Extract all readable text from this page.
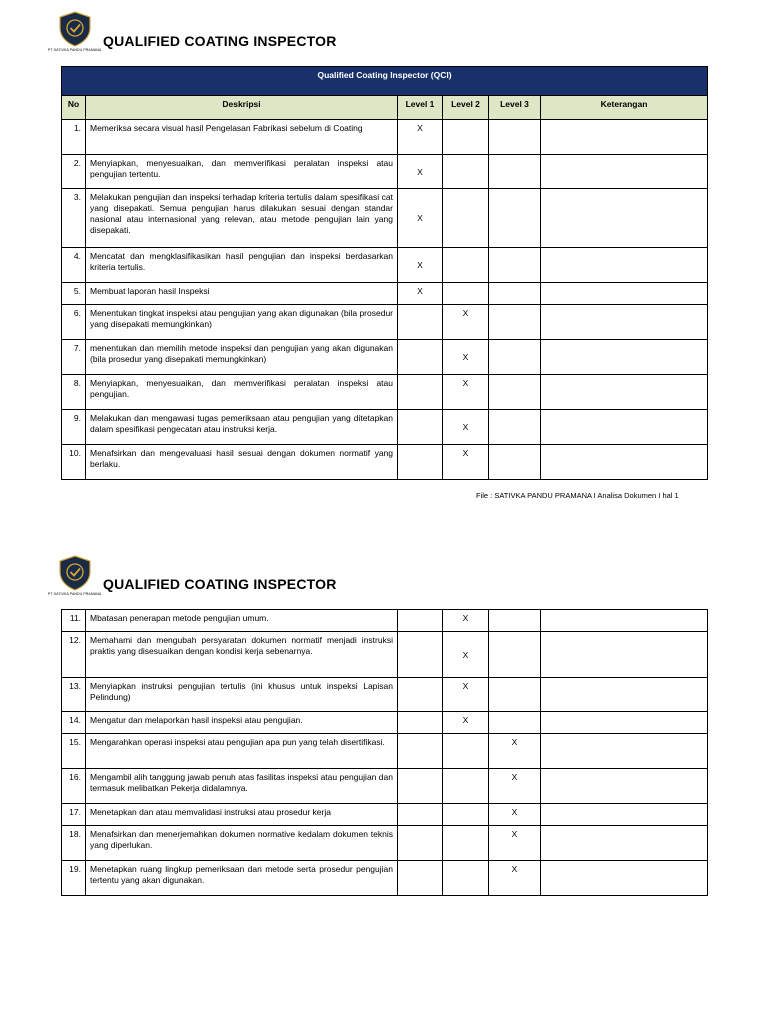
PT SATIVKA PANDU PRAMANA
QUALIFIED COATING INSPECTOR
Qualified Coating Inspector (QCI)					
No	Deskripsi	Level 1	Level 2	Level 3	Keterangan
1.	Memeriksa secara visual hasil Pengelasan Fabrikasi sebelum di Coating	X			
2.	Menyiapkan, menyesuaikan, dan memverifikasi peralatan inspeksi atau pengujian tertentu.	X			
3.	Melakukan pengujian dan inspeksi terhadap kriteria tertulis dalam spesifikasi cat yang disepakati. Semua pengujian harus dilakukan sesuai dengan standar nasional atau internasional yang relevan, atau metode pengujian lain yang disepakati.	X			
4.	Mencatat dan mengklasifikasikan hasil pengujian dan inspeksi berdasarkan kriteria tertulis.	X			
5.	Membuat laporan hasil Inspeksi	X			
6.	Menentukan tingkat inspeksi atau pengujian yang akan digunakan (bila prosedur yang disepakati memungkinkan)		X		
7.	menentukan dan memilih metode inspeksi dan pengujian yang akan digunakan (bila prosedur yang disepakati memungkinkan)		X		
8.	Menyiapkan, menyesuaikan, dan memverifikasi peralatan inspeksi atau pengujian.		X		
9.	Melakukan dan mengawasi tugas pemeriksaan atau pengujian yang ditetapkan dalam spesifikasi pengecatan atau instruksi kerja.		X		
10.	Menafsirkan dan mengevaluasi hasil sesuai dengan dokumen normatif yang berlaku.		X		
File : SATIVKA PANDU PRAMANA I Analisa Dokumen I hal 1
PT SATIVKA PANDU PRAMANA
QUALIFIED COATING INSPECTOR
11.	Mbatasan penerapan metode pengujian umum.		X		
12.	Memahami dan mengubah persyaratan dokumen normatif menjadi instruksi praktis yang disesuaikan dengan kondisi kerja sebenarnya.		X		
13.	Menyiapkan instruksi pengujian tertulis (ini khusus untuk inspeksi Lapisan Pelindung)		X		
14.	Mengatur dan melaporkan hasil inspeksi atau pengujian.		X		
15.	Mengarahkan operasi inspeksi atau pengujian apa pun yang telah disertifikasi.			X	
16.	Mengambil alih tanggung jawab penuh atas fasilitas inspeksi atau pengujian dan termasuk melibatkan Pekerja didalamnya.			X	
17.	Menetapkan dan atau memvalidasi instruksi atau prosedur kerja			X	
18.	Menafsirkan dan menerjemahkan dokumen normative kedalam dokumen teknis yang diperlukan.			X	
19.	Menetapkan ruang lingkup pemeriksaan dan metode serta prosedur pengujian tertentu yang akan digunakan.			X	
